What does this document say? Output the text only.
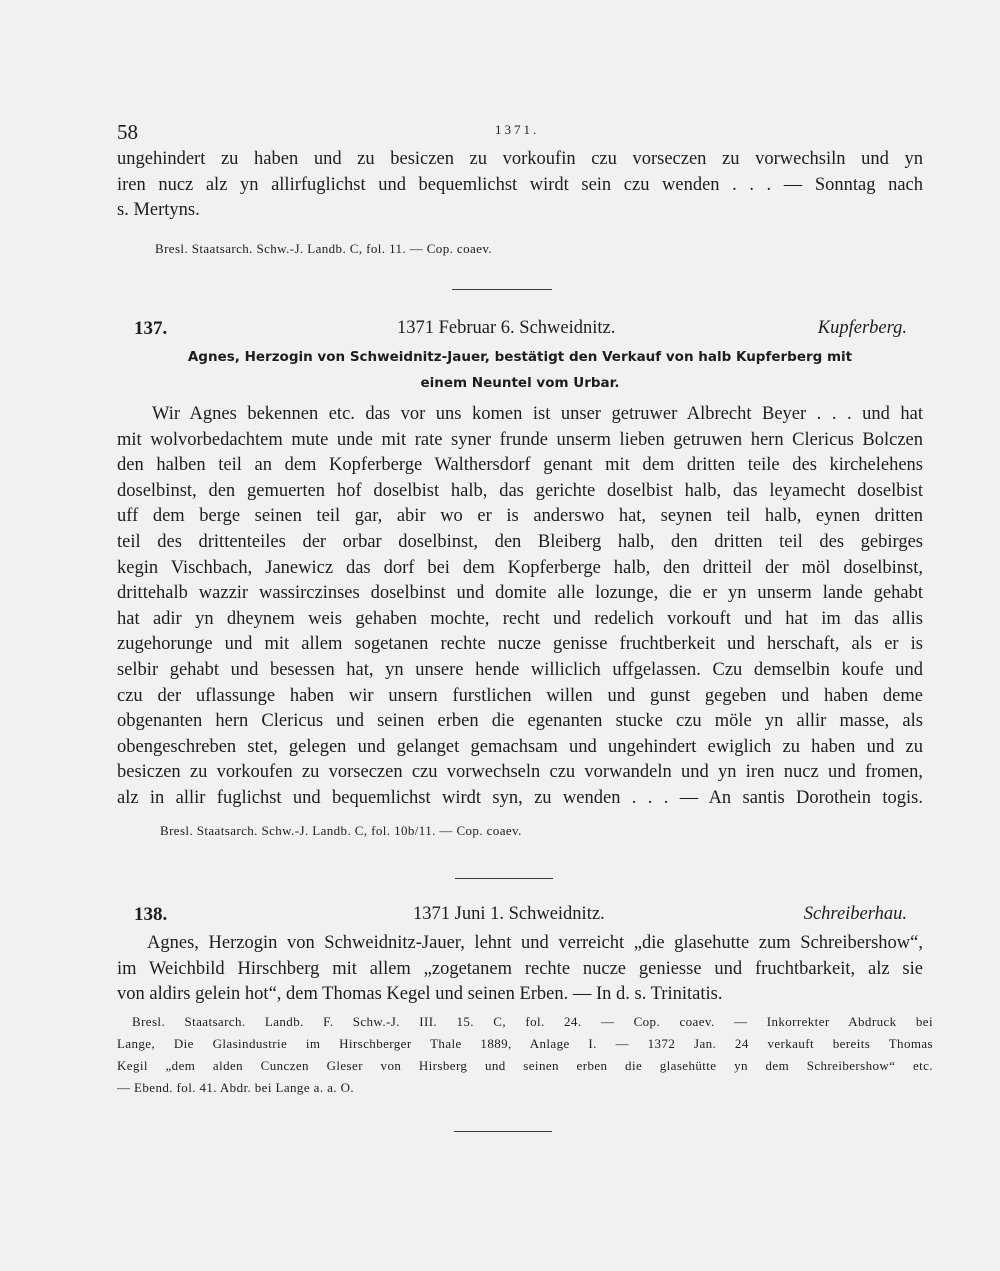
58	1371.

ungehindert zu haben und zu besiczen zu vorkoufin czu vorseczen zu vorwechsiln und yn
iren nucz alz yn allirfuglichst und bequemlichst wirdt sein czu wenden . . . — Sonntag nach
s. Mertyns.

Bresl. Staatsarch. Schw.-J. Landb. C, fol. 11. — Cop. coaev.

137.	1371 Februar 6. Schweidnitz.	Kupferberg.
Agnes, Herzogin von Schweidnitz-Jauer, bestätigt den Verkauf von halb Kupferberg mit
einem Neuntel vom Urbar.

Wir Agnes bekennen etc. das vor uns komen ist unser getruwer Albrecht Beyer . . . und hat
mit wolvorbedachtem mute unde mit rate syner frunde unserm lieben getruwen hern Clericus Bolczen
den halben teil an dem Kopferberge Walthersdorf genant mit dem dritten teile des kirchelehens
doselbinst, den gemuerten hof doselbist halb, das gerichte doselbist halb, das leyamecht doselbist
uff dem berge seinen teil gar, abir wo er is anderswo hat, seynen teil halb, eynen dritten
teil des drittenteiles der orbar doselbinst, den Bleiberg halb, den dritten teil des gebirges
kegin Vischbach, Janewicz das dorf bei dem Kopferberge halb, den dritteil der möl doselbinst,
drittehalb wazzir wassirczinses doselbinst und domite alle lozunge, die er yn unserm lande gehabt
hat adir yn dheynem weis gehaben mochte, recht und redelich vorkouft und hat im das allis
zugehorunge und mit allem sogetanen rechte nucze genisse fruchtberkeit und herschaft, als er is
selbir gehabt und besessen hat, yn unsere hende williclich uffgelassen. Czu demselbin koufe und
czu der uflassunge haben wir unsern furstlichen willen und gunst gegeben und haben deme
obgenanten hern Clericus und seinen erben die egenanten stucke czu möle yn allir masse, als
obengeschreben stet, gelegen und gelanget gemachsam und ungehindert ewiglich zu haben und zu
besiczen zu vorkoufen zu vorseczen czu vorwechseln czu vorwandeln und yn iren nucz und fromen,
alz in allir fuglichst und bequemlichst wirdt syn, zu wenden . . . — An santis Dorothein togis.

Bresl. Staatsarch. Schw.-J. Landb. C, fol. 10b/11. — Cop. coaev.

138.	1371 Juni 1. Schweidnitz.	Schreiberhau.

Agnes, Herzogin von Schweidnitz-Jauer, lehnt und verreicht „die glasehutte zum Schreibershow“,
im Weichbild Hirschberg mit allem „zogetanem rechte nucze geniesse und fruchtbarkeit, alz sie
von aldirs gelein hot“, dem Thomas Kegel und seinen Erben. — In d. s. Trinitatis.

Bresl. Staatsarch. Landb. F. Schw.-J. III. 15. C, fol. 24. — Cop. coaev. — Inkorrekter Abdruck bei
Lange, Die Glasindustrie im Hirschberger Thale 1889, Anlage I. — 1372 Jan. 24 verkauft bereits Thomas
Kegil „dem alden Cunczen Gleser von Hirsberg und seinen erben die glasehütte yn dem Schreibershow“ etc.
— Ebend. fol. 41. Abdr. bei Lange a. a. O.
